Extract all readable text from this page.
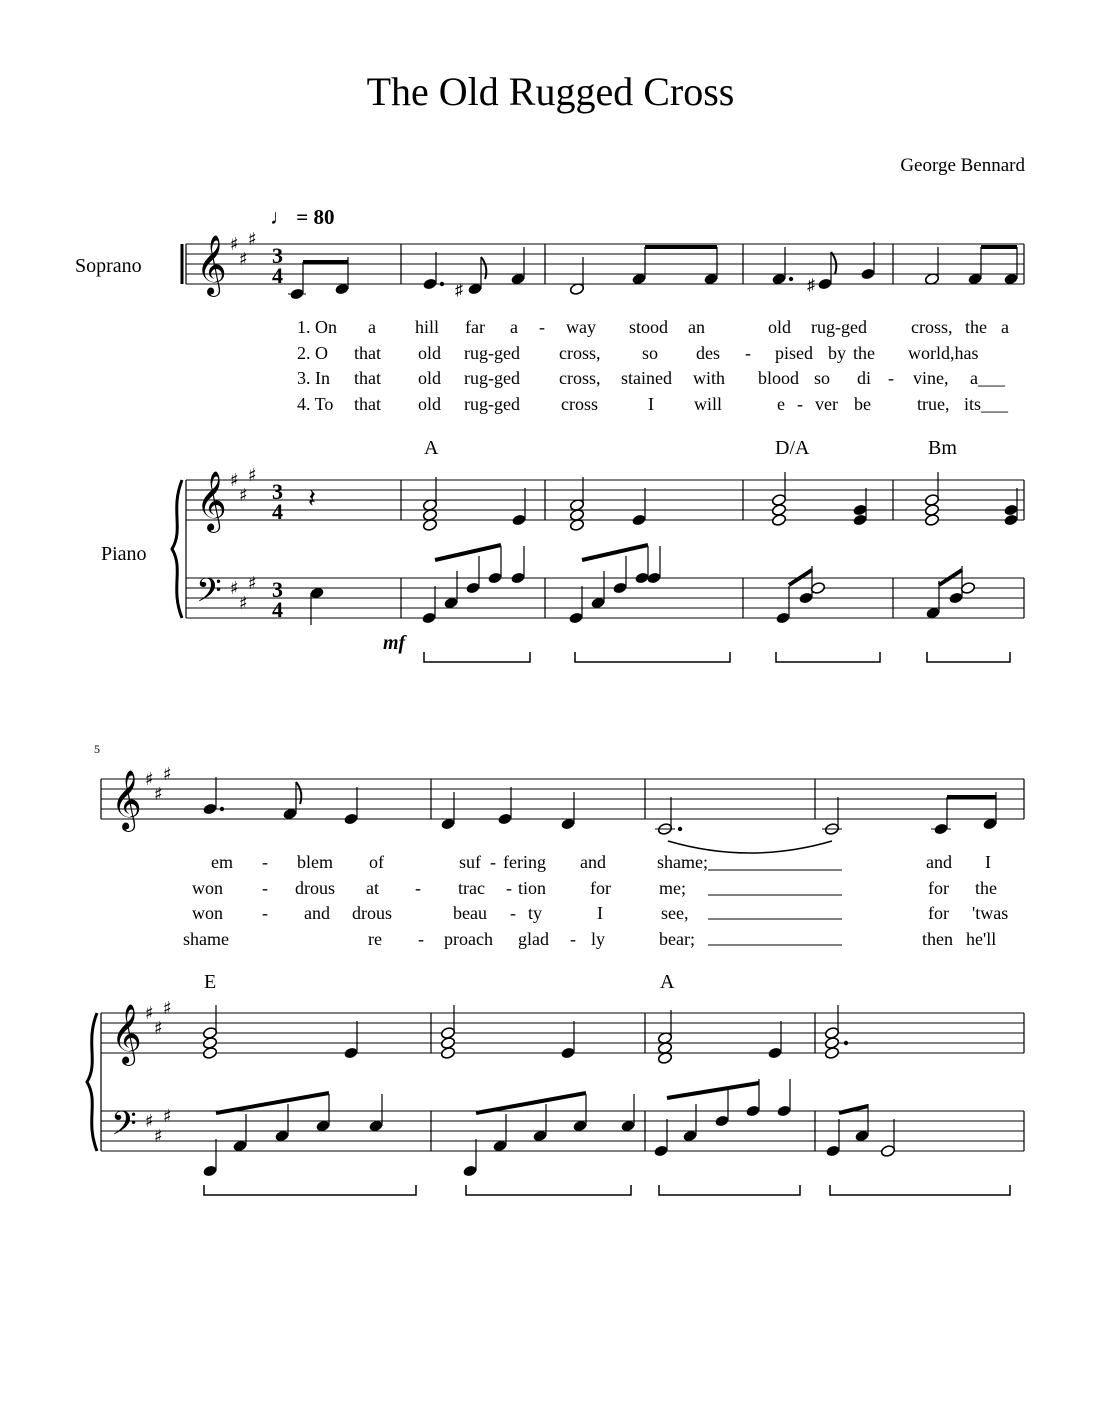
The Old Rugged Cross
George Bennard
♩ = 80
Soprano
Piano
A	D/A	Bm
E	A
5
mf
1. On a hill far a - way stood an	old rug-ged cross, the a
2. O that old rug-ged cross, so des - pised by the world,has
3. In that old rug-ged cross, stained with blood so di - vine, a___
4. To that old rug-ged cross	I will	e - ver be	true, its___
em - blem of	suf - fering and	shame;	and I
won - drous at - trac - tion for	me;	for the
won - and drous	beau - ty	I	see,	for 'twas
shame	re - proach glad - ly	bear;	then he'll
𝄞
𝄞
𝄢
♯
♯
♯
♯
♯
♯
♯
♯
♯
3
4
3
4
3
4
𝄞
𝄞
𝄢
♯
♯
♯
♯
♯
♯
♯
♯
♯
𝄽
♯	♯
